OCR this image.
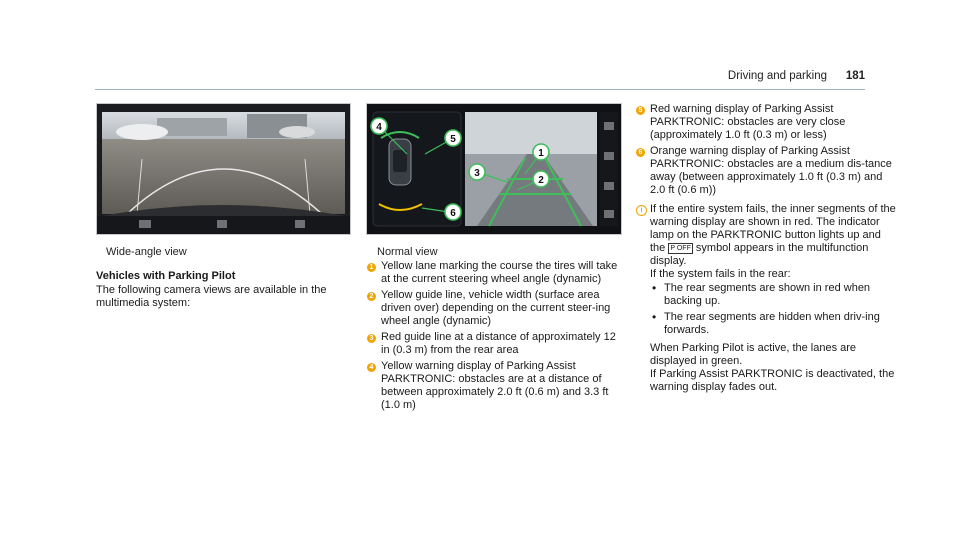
Driving and parking 181
4
5
3
1
2
6

Wide-angle view

Vehicles with Parking Pilot

The following camera views are available in the multimedia system:

Normal view

1 Yellow lane marking the course the tires will take at the current steering wheel angle (dynamic)
2 Yellow guide line, vehicle width (surface area driven over) depending on the current steer-ing wheel angle (dynamic)
3 Red guide line at a distance of approximately 12 in (0.3 m) from the rear area
4 Yellow warning display of Parking Assist PARKTRONIC: obstacles are at a distance of between approximately 2.0 ft (0.6 m) and 3.3 ft (1.0 m)
5 Red warning display of Parking Assist PARKTRONIC: obstacles are very close (approximately 1.0 ft (0.3 m) or less)
6 Orange warning display of Parking Assist PARKTRONIC: obstacles are a medium dis-tance away (between approximately 1.0 ft (0.3 m) and 2.0 ft (0.6 m))
i If the entire system fails, the inner segments of the warning display are shown in red. The indicator lamp on the PARKTRONIC button lights up and the P OFF symbol appears in the multifunction display.

If the system fails in the rear:

• The rear segments are shown in red when backing up.
• The rear segments are hidden when driv-ing forwards.

When Parking Pilot is active, the lanes are displayed in green.

If Parking Assist PARKTRONIC is deactivated, the warning display fades out.
